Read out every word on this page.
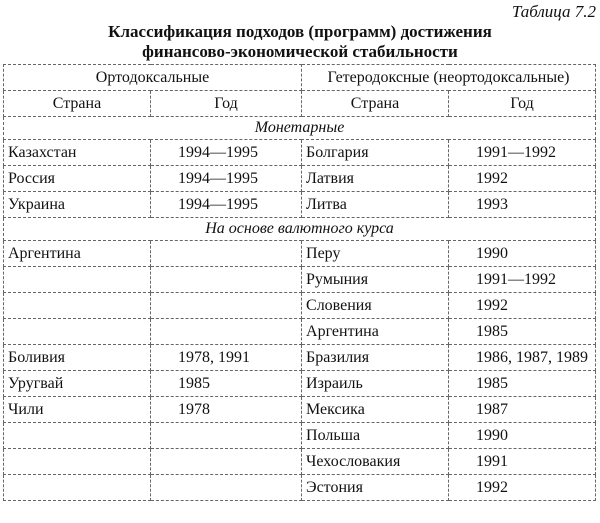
Таблица 7.2
Классификация подходов (программ) достижения
финансово-экономической стабильности
Ортодоксальные		Гетеродоксные (неортодоксальные)	
Страна	Год	Страна	Год
Монетарные			
Казахстан	1994—1995	Болгария	1991—1992
Россия	1994—1995	Латвия	1992
Украина	1994—1995	Литва	1993
На основе валютного курса			
Аргентина		Перу	1990
		Румыния	1991—1992
		Словения	1992
		Аргентина	1985
Боливия	1978, 1991	Бразилия	1986, 1987, 1989
Уругвай	1985	Израиль	1985
Чили	1978	Мексика	1987
		Польша	1990
		Чехословакия	1991
		Эстония	1992
